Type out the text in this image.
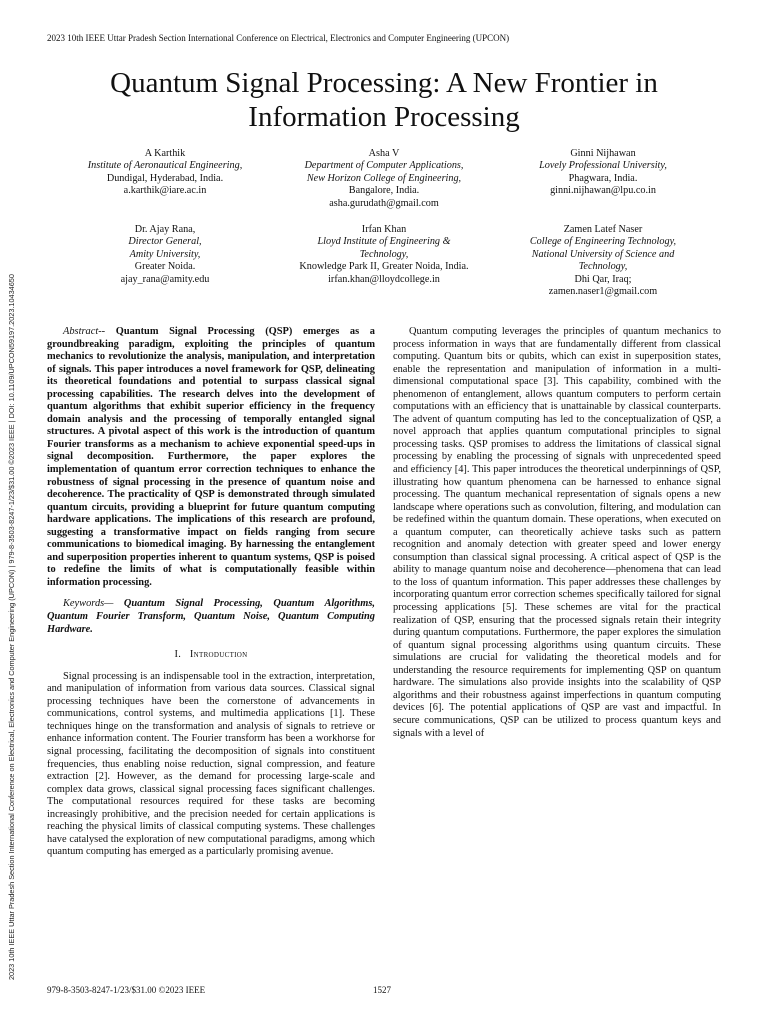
2023 10th IEEE Uttar Pradesh Section International Conference on Electrical, Electronics and Computer Engineering (UPCON)
2023 10th IEEE Uttar Pradesh Section International Conference on Electrical, Electronics and Computer Engineering (UPCON) | 979-8-3503-8247-1/23/$31.00 ©2023 IEEE | DOI: 10.1109/UPCON59197.2023.10434650
Quantum Signal Processing: A New Frontier in Information Processing
A Karthik
Institute of Aeronautical Engineering,
Dundigal, Hyderabad, India.
a.karthik@iare.ac.in
Asha V
Department of Computer Applications,
New Horizon College of Engineering,
Bangalore, India.
asha.gurudath@gmail.com
Ginni Nijhawan
Lovely Professional University,
Phagwara, India.
ginni.nijhawan@lpu.co.in
Dr. Ajay Rana,
Director General,
Amity University,
Greater Noida.
ajay_rana@amity.edu
Irfan Khan
Lloyd Institute of Engineering &
Technology,
Knowledge Park II, Greater Noida, India.
irfan.khan@lloydcollege.in
Zamen Latef Naser
College of Engineering Technology,
National University of Science and
Technology,
Dhi Qar, Iraq;
zamen.naser1@gmail.com

Abstract-- Quantum Signal Processing (QSP) emerges as a groundbreaking paradigm, exploiting the principles of quantum mechanics to revolutionize the analysis, manipulation, and interpretation of signals. This paper introduces a novel framework for QSP, delineating its theoretical foundations and potential to surpass classical signal processing capabilities. The research delves into the development of quantum algorithms that exhibit superior efficiency in the frequency domain analysis and the processing of temporally entangled signal structures. A pivotal aspect of this work is the introduction of quantum Fourier transforms as a mechanism to achieve exponential speed-ups in signal decomposition. Furthermore, the paper explores the implementation of quantum error correction techniques to enhance the robustness of signal processing in the presence of quantum noise and decoherence. The practicality of QSP is demonstrated through simulated quantum circuits, providing a blueprint for future quantum computing hardware applications. The implications of this research are profound, suggesting a transformative impact on fields ranging from secure communications to biomedical imaging. By harnessing the entanglement and superposition properties inherent to quantum systems, QSP is poised to redefine the limits of what is computationally feasible within information processing.

Keywords— Quantum Signal Processing, Quantum Algorithms, Quantum Fourier Transform, Quantum Noise, Quantum Computing Hardware.

I. Introduction

Signal processing is an indispensable tool in the extraction, interpretation, and manipulation of information from various data sources. Classical signal processing techniques have been the cornerstone of advancements in communications, control systems, and multimedia applications [1]. These techniques hinge on the transformation and analysis of signals to retrieve or enhance information content. The Fourier transform has been a workhorse for signal processing, facilitating the decomposition of signals into constituent frequencies, thus enabling noise reduction, signal compression, and feature extraction [2]. However, as the demand for processing large-scale and complex data grows, classical signal processing faces significant challenges. The computational resources required for these tasks are becoming increasingly prohibitive, and the precision needed for certain applications is reaching the physical limits of classical computing systems. These challenges have catalysed the exploration of new computational paradigms, among which quantum computing has emerged as a particularly promising avenue.

Quantum computing leverages the principles of quantum mechanics to process information in ways that are fundamentally different from classical computing. Quantum bits or qubits, which can exist in superposition states, enable the representation and manipulation of information in a multi-dimensional computational space [3]. This capability, combined with the phenomenon of entanglement, allows quantum computers to perform certain computations with an efficiency that is unattainable by classical counterparts. The advent of quantum computing has led to the conceptualization of QSP, a novel approach that applies quantum computational principles to signal processing tasks. QSP promises to address the limitations of classical signal processing by enabling the processing of signals with unprecedented speed and efficiency [4]. This paper introduces the theoretical underpinnings of QSP, illustrating how quantum phenomena can be harnessed to enhance signal processing. The quantum mechanical representation of signals opens a new landscape where operations such as convolution, filtering, and modulation can be redefined within the quantum domain. These operations, when executed on a quantum computer, can theoretically achieve tasks such as pattern recognition and anomaly detection with greater speed and lower energy consumption than classical signal processing. A critical aspect of QSP is the ability to manage quantum noise and decoherence—phenomena that can lead to the loss of quantum information. This paper addresses these challenges by incorporating quantum error correction schemes specifically tailored for signal processing applications [5]. These schemes are vital for the practical realization of QSP, ensuring that the processed signals retain their integrity during quantum computations. Furthermore, the paper explores the simulation of quantum signal processing algorithms using quantum circuits. These simulations are crucial for validating the theoretical models and for understanding the resource requirements for implementing QSP on quantum hardware. The simulations also provide insights into the scalability of QSP algorithms and their robustness against imperfections in quantum computing devices [6]. The potential applications of QSP are vast and impactful. In secure communications, QSP can be utilized to process quantum keys and signals with a level of

979-8-3503-8247-1/23/$31.00 ©2023 IEEE	1527
